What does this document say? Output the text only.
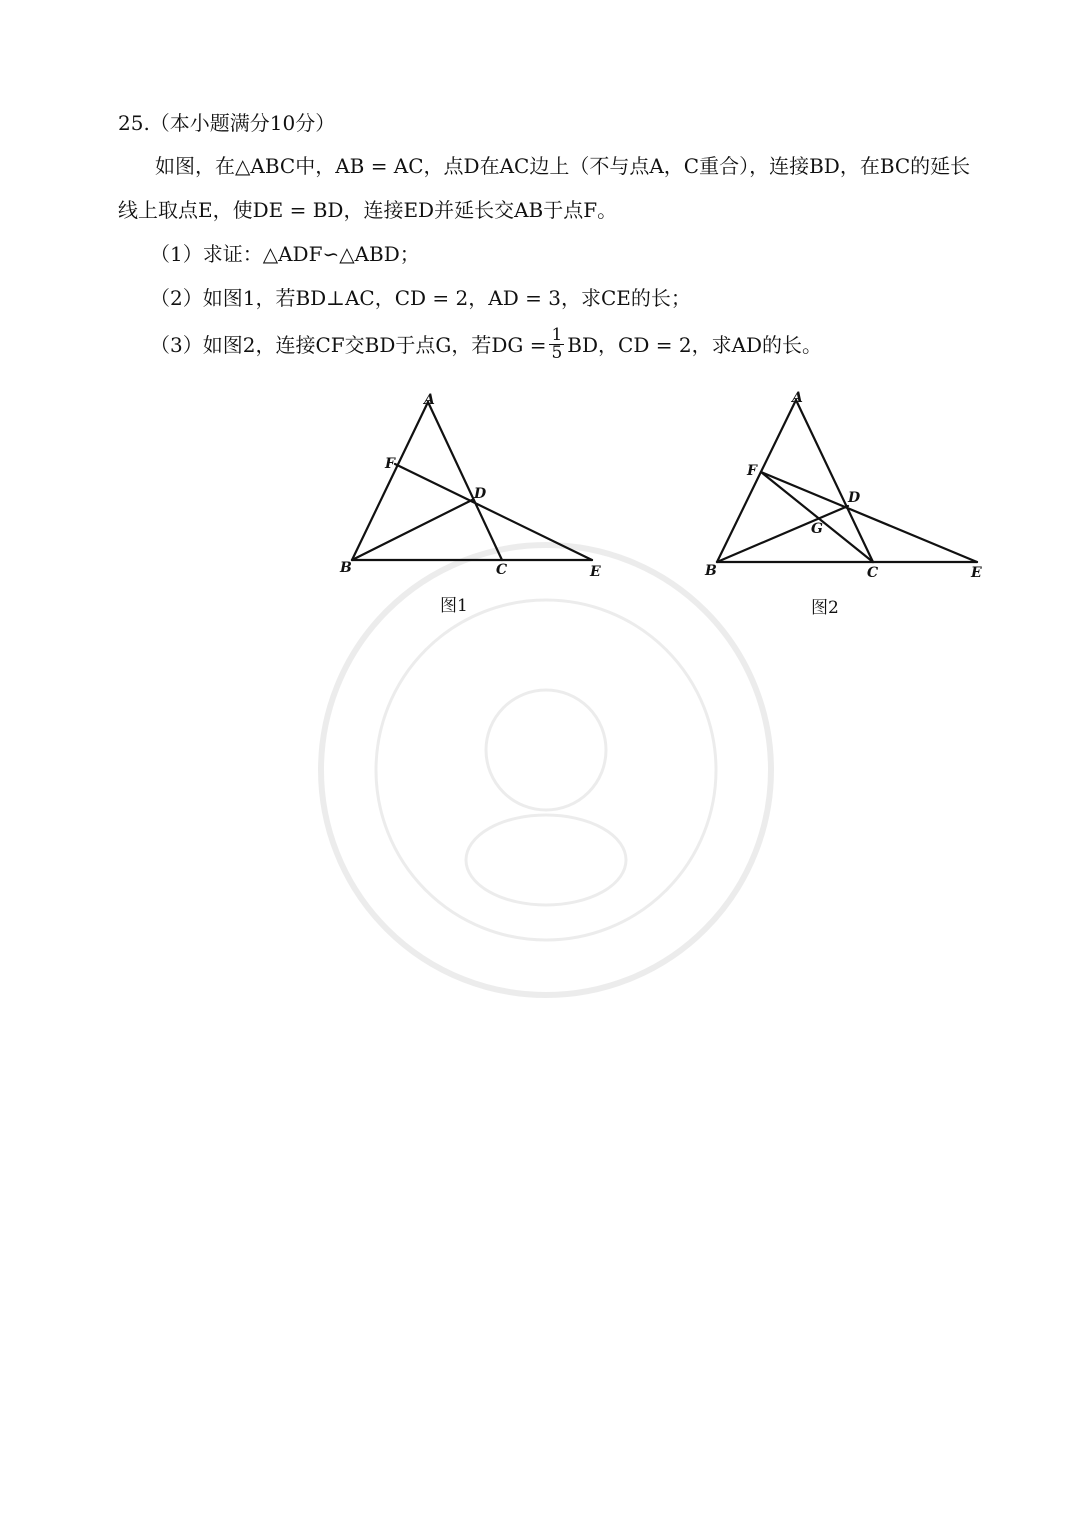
25.（本小题满分10分）
如图，在△ABC中，AB = AC，点D在AC边上（不与点A，C重合），连接BD，在BC的延长
线上取点E，使DE = BD，连接ED并延长交AB于点F。
（1）求证：△ADF∽△ABD；
（2）如图1，若BD⊥AC，CD = 2，AD = 3，求CE的长；
（3）如图2，连接CF交BD于点G，若DG = $\frac{1}{5}$ BD，CD = 2，求AD的长。
A
F
D
B	C	E
图1
A
F
D
G
B	C	E
图2
